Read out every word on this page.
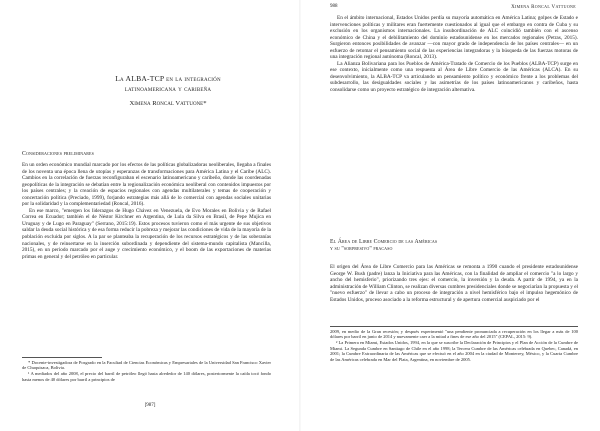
La ALBA-TCP en la integración
latinoamericana y caribeña
Ximena Roncal Vattuone*
Consideraciones preliminares

En un orden económico mundial marcado por los efectos de las políticas globalizadoras neoliberales, llegaba a finales de los noventa una época llena de utopías y esperanzas de transformaciones para América Latina y el Caribe (ALC). Cambios en la correlación de fuerzas reconfiguraban el escenario latinoamericano y caribeño, donde las coordenadas geopolíticas de la integración se debatían entre la regionalización económica neoliberal con contenidos impuestos por los países centrales; y la creación de espacios regionales con agendas multilaterales y temas de cooperación y concertación política (Preciado, 1999), forjando estrategias más allá de lo comercial con agendas sociales unitarias por la solidaridad y la complementariedad (Roncal, 2016).

En ese marco, "emergen los liderazgos de Hugo Chávez en Venezuela, de Evo Morales en Bolivia y de Rafael Correa en Ecuador; también el de Néstor Kirchner en Argentina, de Lula da Silva en Brasil, de Pepe Mujica en Uruguay y de Lugo en Paraguay" (Serrano, 2015:19). Estos procesos tuvieron como el más urgente de sus objetivos saldar la deuda social histórica y de esa forma reducir la pobreza y mejorar las condiciones de vida de la mayoría de la población excluida por siglos. A la par se planteaba la recuperación de los recursos estratégicos y de las soberanías nacionales, y de reinsertarse en la inserción subordinada y dependiente del sistema-mundo capitalista (Mancilla, 2015), en un periodo marcado por el auge y crecimiento económico, y el boom de las exportaciones de materias primas en general y del petróleo en particular.

* Docente-investigadora de Posgrado en la Facultad de Ciencias Económicas y Empresariales de la Universidad San Francisco Xavier de Chuquisaca, Bolivia.

¹ A mediados del año 2008, el precio del barril de petróleo llegó hasta alrededor de 140 dólares, posteriormente la caída tocó fondo hasta menos de 40 dólares por barril a principios de

[987]
988	Ximena Roncal Vattuone

En el ámbito internacional, Estados Unidos perdía su mayoría automática en América Latina; golpes de Estado e intervenciones políticas y militares eran fuertemente cuestionados al igual que el embargo en contra de Cuba y su exclusión en los organismos internacionales. La insubordinación de ALC coincidió también con el ascenso económico de China y el debilitamiento del dominio estadounidense en los mercados regionales (Petras, 2015). Surgieron entonces posibilidades de avanzar —con mayor grado de independencia de los países centrales— en un esfuerzo de retomar el pensamiento social de las experiencias integradoras y la búsqueda de las fuerzas motoras de una integración regional autónoma (Roncal, 2013).

La Alianza Bolivariana para los Pueblos de América-Tratado de Comercio de los Pueblos (ALBA-TCP) surge en ese contexto, inicialmente como una respuesta al Área de Libre Comercio de las Américas (ALCA). En su desenvolvimiento, la ALBA-TCP va articulando un pensamiento político y económico frente a los problemas del subdesarrollo, las desigualdades sociales y las asimetrías de los países latinoamericanos y caribeños, hasta consolidarse como un proyecto estratégico de integración alternativa.

El Área de Libre Comercio de las Américas
y su "sorpresivo" fracaso

El origen del Área de Libre Comercio para las Américas se remonta a 1990 cuando el presidente estadounidense George W. Bush (padre) lanza la Iniciativa para las Américas, con la finalidad de ampliar el comercio "a lo largo y ancho del hemisferio", priorizando tres ejes: el comercio, la inversión y la deuda. A partir de 1994, ya en la administración de William Clinton, se realizan diversas cumbres presidenciales donde se negociarían la propuesta y el "nuevo esfuerzo" de llevar a cabo un proceso de integración a nivel hemisférico bajo el impulso hegemónico de Estados Unidos, proceso asociado a la reforma estructural y de apertura comercial auspiciado por el

2009, en medio de la Gran recesión; y después experimentó "una pendiente pronunciada a recuperación en los llegar a más de 100 dólares por barril en junio de 2014 y nuevamente caer a la mitad a fines de ese año del 2015" (CEPAL, 2015: 9).

² La Primera en Miami, Estados Unidos, 1994, en la que se suscribe la Declaración de Principios y el Plan de Acción de la Cumbre de Miami. La Segunda Cumbre en Santiago de Chile en el año 1998; la Tercera Cumbre de las Américas celebrada en Quebec, Canadá, en 2001; la Cumbre Extraordinaria de las Américas que se efectuó en el año 2004 en la ciudad de Monterrey, México, y la Cuarta Cumbre de las Américas celebrada en Mar del Plata, Argentina, en noviembre de 2005.
